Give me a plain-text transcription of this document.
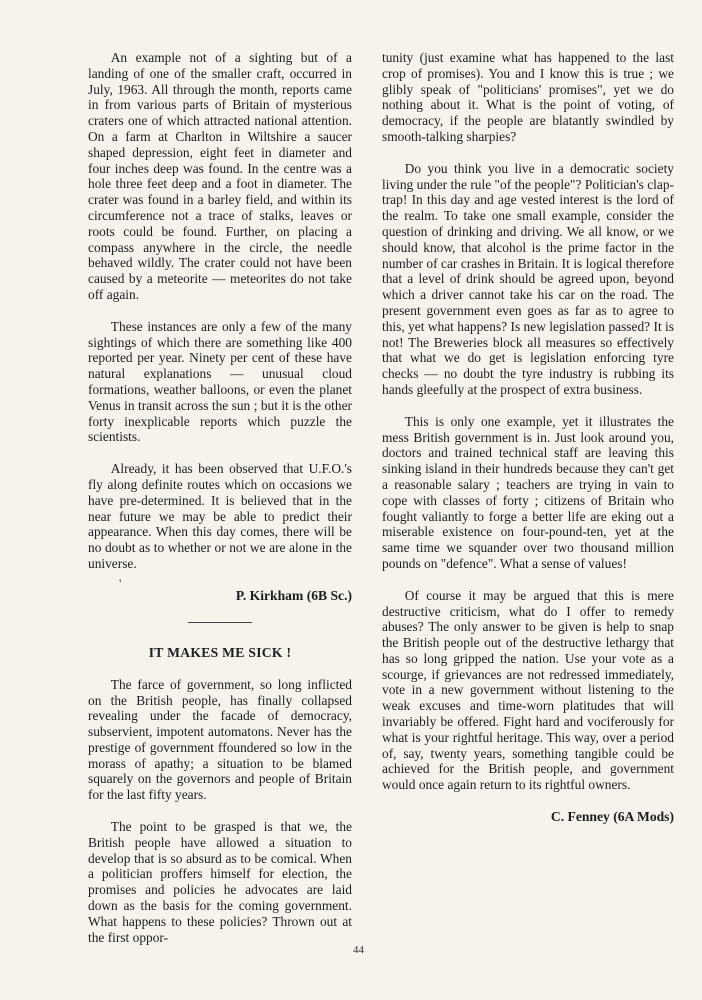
An example not of a sighting but of a landing of one of the smaller craft, occurred in July, 1963. All through the month, reports came in from various parts of Britain of mysterious craters one of which attracted national attention. On a farm at Charlton in Wiltshire a saucer shaped depression, eight feet in diameter and four inches deep was found. In the centre was a hole three feet deep and a foot in diameter. The crater was found in a barley field, and within its circumference not a trace of stalks, leaves or roots could be found. Further, on placing a compass anywhere in the circle, the needle behaved wildly. The crater could not have been caused by a meteorite — meteorites do not take off again.

These instances are only a few of the many sightings of which there are something like 400 reported per year. Ninety per cent of these have natural explanations — unusual cloud formations, weather balloons, or even the planet Venus in transit across the sun ; but it is the other forty inexplicable reports which puzzle the scientists.

Already, it has been observed that U.F.O.'s fly along definite routes which on occasions we have pre-determined. It is believed that in the near future we may be able to predict their appearance. When this day comes, there will be no doubt as to whether or not we are alone in the universe.

P. Kirkham (6B Sc.)
IT MAKES ME SICK !

The farce of government, so long inflicted on the British people, has finally collapsed revealing under the facade of democracy, subservient, impotent automatons. Never has the prestige of government ffoundered so low in the morass of apathy; a situation to be blamed squarely on the governors and people of Britain for the last fifty years.

The point to be grasped is that we, the British people have allowed a situation to develop that is so absurd as to be comical. When a politician proffers himself for election, the promises and policies he advocates are laid down as the basis for the coming government. What happens to these policies? Thrown out at the first oppor-

tunity (just examine what has happened to the last crop of promises). You and I know this is true ; we glibly speak of "politicians' promises", yet we do nothing about it. What is the point of voting, of democracy, if the people are blatantly swindled by smooth-talking sharpies?

Do you think you live in a democratic society living under the rule "of the people"? Politician's clap-trap! In this day and age vested interest is the lord of the realm. To take one small example, consider the question of drinking and driving. We all know, or we should know, that alcohol is the prime factor in the number of car crashes in Britain. It is logical therefore that a level of drink should be agreed upon, beyond which a driver cannot take his car on the road. The present government even goes as far as to agree to this, yet what happens? Is new legislation passed? It is not! The Breweries block all measures so effectively that what we do get is legislation enforcing tyre checks — no doubt the tyre industry is rubbing its hands gleefully at the prospect of extra business.

This is only one example, yet it illustrates the mess British government is in. Just look around you, doctors and trained technical staff are leaving this sinking island in their hundreds because they can't get a reasonable salary ; teachers are trying in vain to cope with classes of forty ; citizens of Britain who fought valiantly to forge a better life are eking out a miserable existence on four-pound-ten, yet at the same time we squander over two thousand million pounds on "defence". What a sense of values!

Of course it may be argued that this is mere destructive criticism, what do I offer to remedy abuses? The only answer to be given is help to snap the British people out of the destructive lethargy that has so long gripped the nation. Use your vote as a scourge, if grievances are not redressed immediately, vote in a new government without listening to the weak excuses and time-worn platitudes that will invariably be offered. Fight hard and vociferously for what is your rightful heritage. This way, over a period of, say, twenty years, something tangible could be achieved for the British people, and government would once again return to its rightful owners.

C. Fenney (6A Mods)
'
44
